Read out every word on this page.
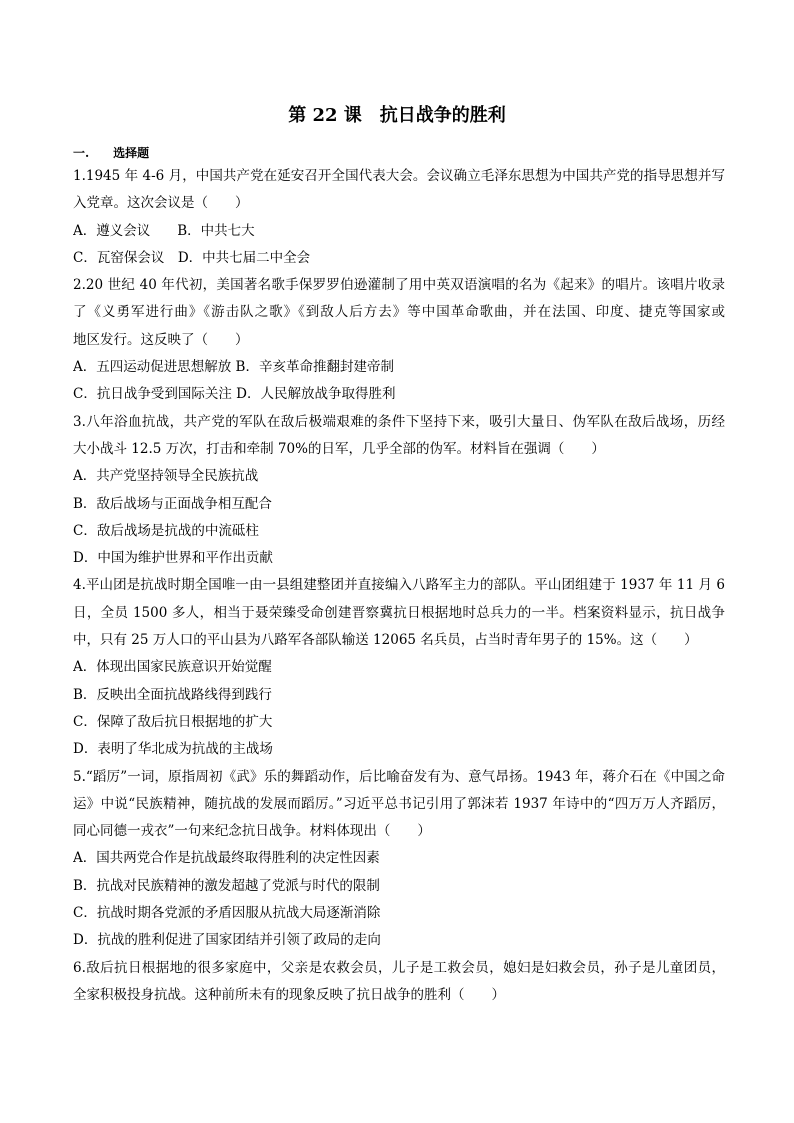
第 22 课　抗日战争的胜利
一.　　选择题
1.1945 年 4-6 月，中国共产党在延安召开全国代表大会。会议确立毛泽东思想为中国共产党的指导思想并写
入党章。这次会议是（　　）
A．遵义会议　　B．中共七大
C．瓦窑保会议　D．中共七届二中全会
2.20 世纪 40 年代初，美国著名歌手保罗罗伯逊灌制了用中英双语演唱的名为《起来》的唱片。该唱片收录
了《义勇军进行曲》《游击队之歌》《到敌人后方去》等中国革命歌曲，并在法国、印度、捷克等国家或
地区发行。这反映了（　　）
A．五四运动促进思想解放 B．辛亥革命推翻封建帝制
C．抗日战争受到国际关注 D．人民解放战争取得胜利
3.八年浴血抗战，共产党的军队在敌后极端艰难的条件下坚持下来，吸引大量日、伪军队在敌后战场，历经
大小战斗 12.5 万次，打击和牵制 70%的日军，几乎全部的伪军。材料旨在强调（　　）
A．共产党坚持领导全民族抗战
B．敌后战场与正面战争相互配合
C．敌后战场是抗战的中流砥柱
D．中国为维护世界和平作出贡献
4.平山团是抗战时期全国唯一由一县组建整团并直接编入八路军主力的部队。平山团组建于 1937 年 11 月 6
日，全员 1500 多人，相当于聂荣臻受命创建晋察冀抗日根据地时总兵力的一半。档案资料显示，抗日战争
中，只有 25 万人口的平山县为八路军各部队输送 12065 名兵员，占当时青年男子的 15%。这（　　）
A．体现出国家民族意识开始觉醒
B．反映出全面抗战路线得到践行
C．保障了敌后抗日根据地的扩大
D．表明了华北成为抗战的主战场
5.“蹈厉”一词，原指周初《武》乐的舞蹈动作，后比喻奋发有为、意气昂扬。1943 年，蒋介石在《中国之命
运》中说“民族精神，随抗战的发展而蹈厉。”习近平总书记引用了郭沫若 1937 年诗中的“四万万人齐蹈厉，
同心同德一戎衣”一句来纪念抗日战争。材料体现出（　　）
A．国共两党合作是抗战最终取得胜利的决定性因素
B．抗战对民族精神的激发超越了党派与时代的限制
C．抗战时期各党派的矛盾因服从抗战大局逐渐消除
D．抗战的胜利促进了国家团结并引领了政局的走向
6.敌后抗日根据地的很多家庭中，父亲是农救会员，儿子是工救会员，媳妇是妇救会员，孙子是儿童团员，
全家积极投身抗战。这种前所未有的现象反映了抗日战争的胜利（　　）
